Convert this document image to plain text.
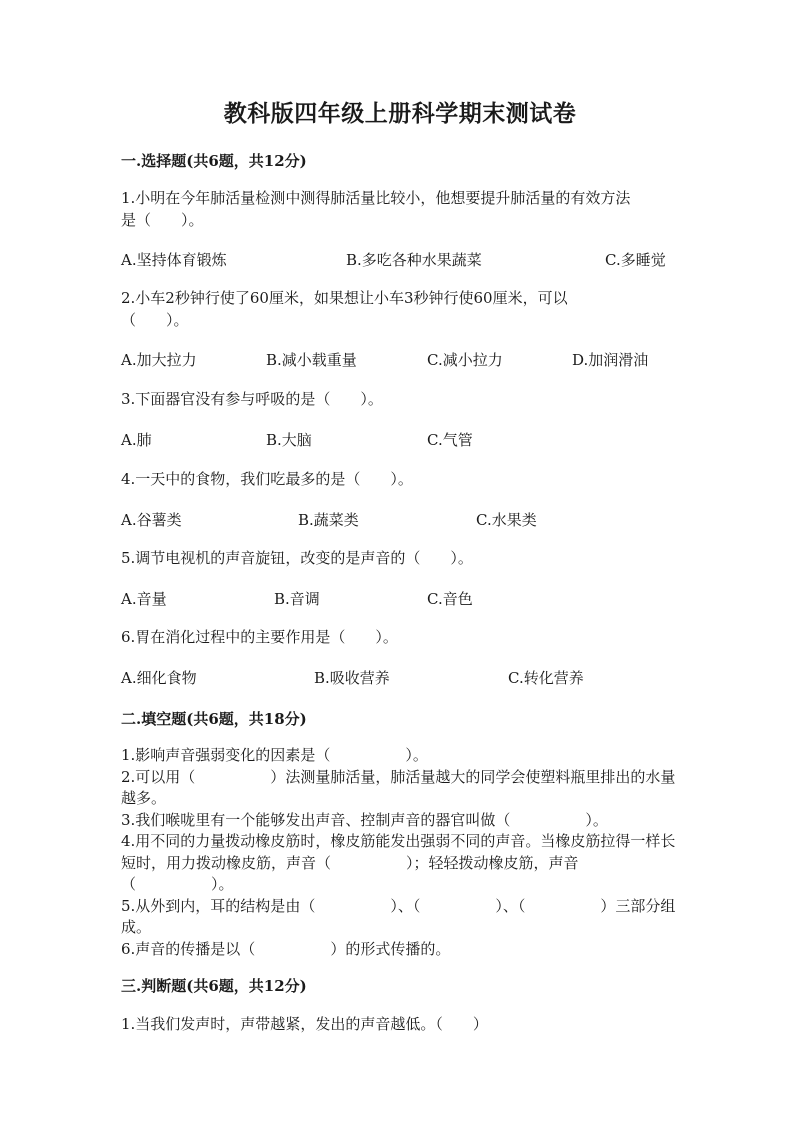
教科版四年级上册科学期末测试卷
一.选择题(共6题，共12分)
1.小明在今年肺活量检测中测得肺活量比较小，他想要提升肺活量的有效方法
是（　　）。
A.坚持体育锻炼	B.多吃各种水果蔬菜	C.多睡觉
2.小车2秒钟行使了60厘米，如果想让小车3秒钟行使60厘米，可以
（　　）。
A.加大拉力	B.减小载重量	C.减小拉力	D.加润滑油
3.下面器官没有参与呼吸的是（　　）。
A.肺	B.大脑	C.气管
4.一天中的食物，我们吃最多的是（　　）。
A.谷薯类	B.蔬菜类	C.水果类
5.调节电视机的声音旋钮，改变的是声音的（　　）。
A.音量	B.音调	C.音色
6.胃在消化过程中的主要作用是（　　）。
A.细化食物	B.吸收营养	C.转化营养
二.填空题(共6题，共18分)
1.影响声音强弱变化的因素是（　　　　　）。
2.可以用（　　　　　）法测量肺活量，肺活量越大的同学会使塑料瓶里排出的水量越多。
3.我们喉咙里有一个能够发出声音、控制声音的器官叫做（　　　　　）。
4.用不同的力量拨动橡皮筋时，橡皮筋能发出强弱不同的声音。当橡皮筋拉得一样长短时，用力拨动橡皮筋，声音（　　　　　）；轻轻拨动橡皮筋，声音（　　　　　）。
5.从外到内，耳的结构是由（　　　　　）、（　　　　　）、（　　　　　）三部分组成。
6.声音的传播是以（　　　　　）的形式传播的。
三.判断题(共6题，共12分)
1.当我们发声时，声带越紧，发出的声音越低。（　　）
